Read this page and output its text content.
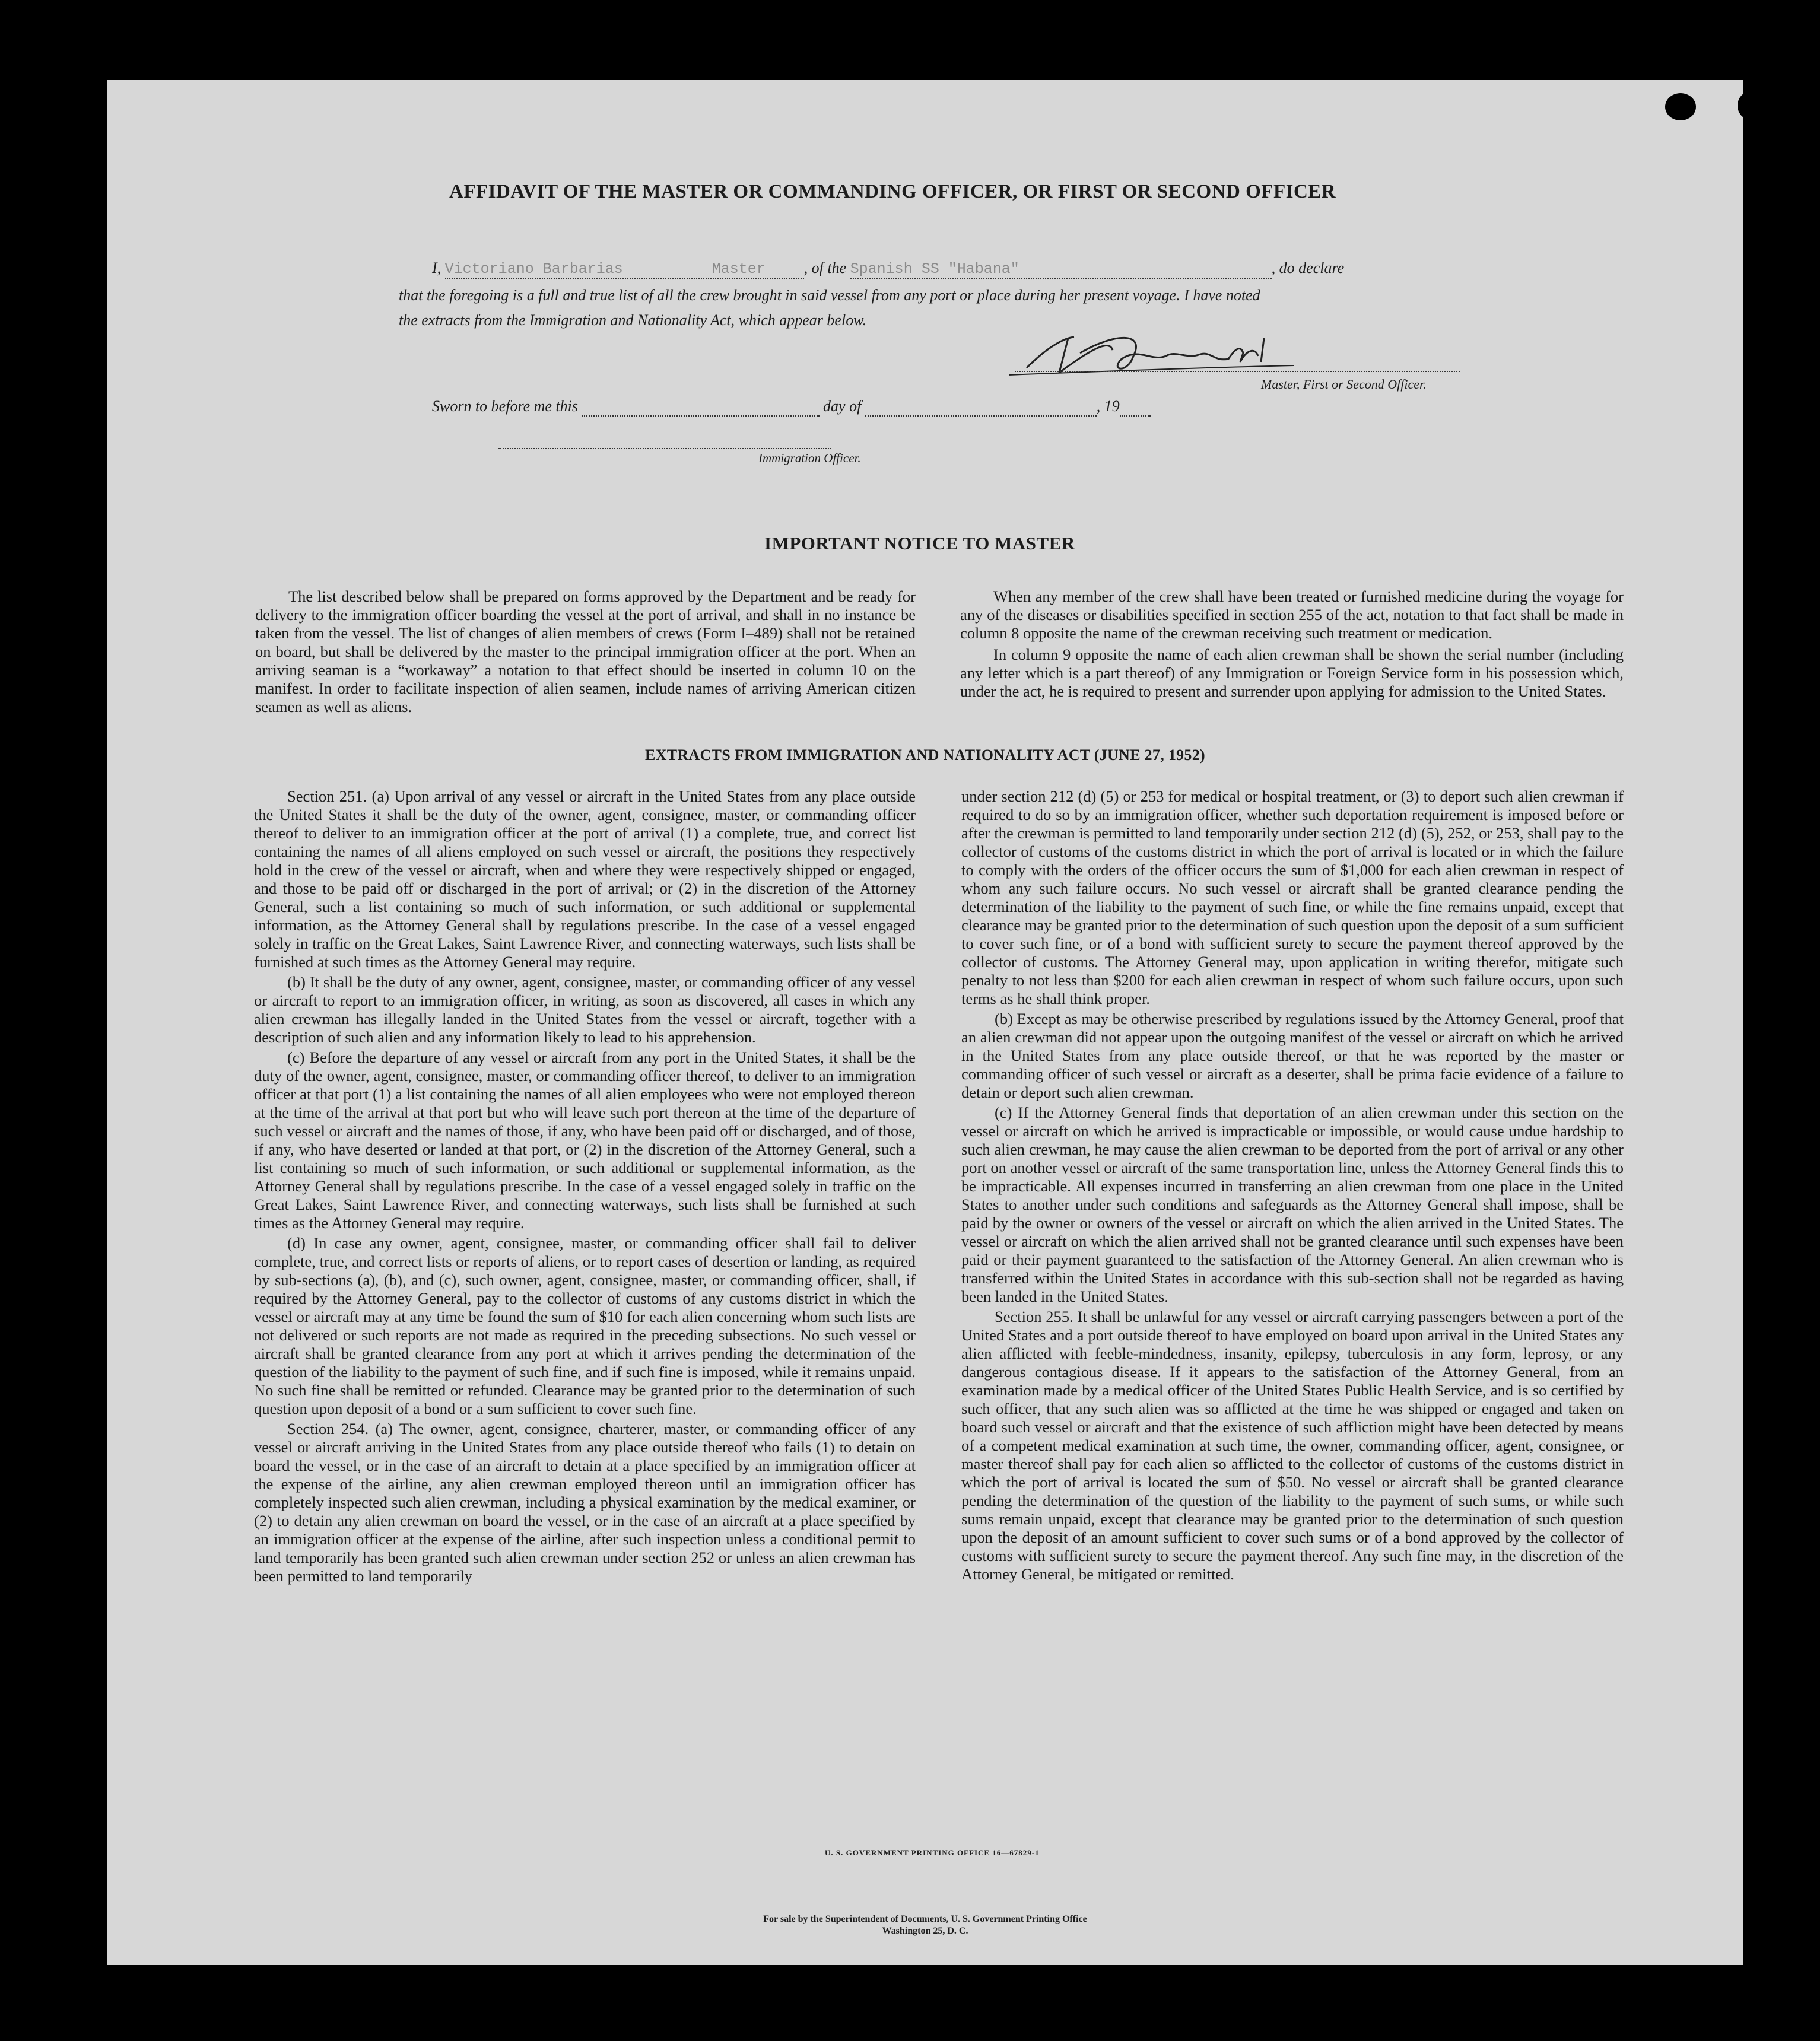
AFFIDAVIT OF THE MASTER OR COMMANDING OFFICER, OR FIRST OR SECOND OFFICER
I, Victoriano Barbarias	Master , of the Spanish SS "Habana"	, do declare
that the foregoing is a full and true list of all the crew brought in said vessel from any port or place during her present voyage. I have noted
the extracts from the Immigration and Nationality Act, which appear below.
Master, First or Second Officer.
Sworn to before me this	day of	, 19
Immigration Officer.
IMPORTANT NOTICE TO MASTER

The list described below shall be prepared on forms approved by the Department and be ready for delivery to the immigration officer boarding the vessel at the port of arrival, and shall in no instance be taken from the vessel. The list of changes of alien members of crews (Form I–489) shall not be retained on board, but shall be delivered by the master to the principal immigration officer at the port. When an arriving seaman is a “workaway” a notation to that effect should be inserted in column 10 on the manifest. In order to facilitate inspection of alien seamen, include names of arriving American citizen seamen as well as aliens.

When any member of the crew shall have been treated or furnished medicine during the voyage for any of the diseases or disabilities specified in section 255 of the act, notation to that fact shall be made in column 8 opposite the name of the crewman receiving such treatment or medication.

In column 9 opposite the name of each alien crewman shall be shown the serial number (including any letter which is a part thereof) of any Immigration or Foreign Service form in his possession which, under the act, he is required to present and surrender upon applying for admission to the United States.

EXTRACTS FROM IMMIGRATION AND NATIONALITY ACT (JUNE 27, 1952)

Section 251. (a) Upon arrival of any vessel or aircraft in the United States from any place outside the United States it shall be the duty of the owner, agent, consignee, master, or commanding officer thereof to deliver to an immigration officer at the port of arrival (1) a complete, true, and correct list containing the names of all aliens employed on such vessel or aircraft, the positions they respectively hold in the crew of the vessel or aircraft, when and where they were respectively shipped or engaged, and those to be paid off or discharged in the port of arrival; or (2) in the discretion of the Attorney General, such a list containing so much of such information, or such additional or supplemental information, as the Attorney General shall by regulations prescribe. In the case of a vessel engaged solely in traffic on the Great Lakes, Saint Lawrence River, and connecting waterways, such lists shall be furnished at such times as the Attorney General may require.

(b) It shall be the duty of any owner, agent, consignee, master, or commanding officer of any vessel or aircraft to report to an immigration officer, in writing, as soon as discovered, all cases in which any alien crewman has illegally landed in the United States from the vessel or aircraft, together with a description of such alien and any information likely to lead to his apprehension.

(c) Before the departure of any vessel or aircraft from any port in the United States, it shall be the duty of the owner, agent, consignee, master, or commanding officer thereof, to deliver to an immigration officer at that port (1) a list containing the names of all alien employees who were not employed thereon at the time of the arrival at that port but who will leave such port thereon at the time of the departure of such vessel or aircraft and the names of those, if any, who have been paid off or discharged, and of those, if any, who have deserted or landed at that port, or (2) in the discretion of the Attorney General, such a list containing so much of such information, or such additional or supplemental information, as the Attorney General shall by regulations prescribe. In the case of a vessel engaged solely in traffic on the Great Lakes, Saint Lawrence River, and connecting waterways, such lists shall be furnished at such times as the Attorney General may require.

(d) In case any owner, agent, consignee, master, or commanding officer shall fail to deliver complete, true, and correct lists or reports of aliens, or to report cases of desertion or landing, as required by sub-sections (a), (b), and (c), such owner, agent, consignee, master, or commanding officer, shall, if required by the Attorney General, pay to the collector of customs of any customs district in which the vessel or aircraft may at any time be found the sum of $10 for each alien concerning whom such lists are not delivered or such reports are not made as required in the preceding subsections. No such vessel or aircraft shall be granted clearance from any port at which it arrives pending the determination of the question of the liability to the payment of such fine, and if such fine is imposed, while it remains unpaid. No such fine shall be remitted or refunded. Clearance may be granted prior to the determination of such question upon deposit of a bond or a sum sufficient to cover such fine.

Section 254. (a) The owner, agent, consignee, charterer, master, or commanding officer of any vessel or aircraft arriving in the United States from any place outside thereof who fails (1) to detain on board the vessel, or in the case of an aircraft to detain at a place specified by an immigration officer at the expense of the airline, any alien crewman employed thereon until an immigration officer has completely inspected such alien crewman, including a physical examination by the medical examiner, or (2) to detain any alien crewman on board the vessel, or in the case of an aircraft at a place specified by an immigration officer at the expense of the airline, after such inspection unless a conditional permit to land temporarily has been granted such alien crewman under section 252 or unless an alien crewman has been permitted to land temporarily

under section 212 (d) (5) or 253 for medical or hospital treatment, or (3) to deport such alien crewman if required to do so by an immigration officer, whether such deportation requirement is imposed before or after the crewman is permitted to land temporarily under section 212 (d) (5), 252, or 253, shall pay to the collector of customs of the customs district in which the port of arrival is located or in which the failure to comply with the orders of the officer occurs the sum of $1,000 for each alien crewman in respect of whom any such failure occurs. No such vessel or aircraft shall be granted clearance pending the determination of the liability to the payment of such fine, or while the fine remains unpaid, except that clearance may be granted prior to the determination of such question upon the deposit of a sum sufficient to cover such fine, or of a bond with sufficient surety to secure the payment thereof approved by the collector of customs. The Attorney General may, upon application in writing therefor, mitigate such penalty to not less than $200 for each alien crewman in respect of whom such failure occurs, upon such terms as he shall think proper.

(b) Except as may be otherwise prescribed by regulations issued by the Attorney General, proof that an alien crewman did not appear upon the outgoing manifest of the vessel or aircraft on which he arrived in the United States from any place outside thereof, or that he was reported by the master or commanding officer of such vessel or aircraft as a deserter, shall be prima facie evidence of a failure to detain or deport such alien crewman.

(c) If the Attorney General finds that deportation of an alien crewman under this section on the vessel or aircraft on which he arrived is impracticable or impossible, or would cause undue hardship to such alien crewman, he may cause the alien crewman to be deported from the port of arrival or any other port on another vessel or aircraft of the same transportation line, unless the Attorney General finds this to be impracticable. All expenses incurred in transferring an alien crewman from one place in the United States to another under such conditions and safeguards as the Attorney General shall impose, shall be paid by the owner or owners of the vessel or aircraft on which the alien arrived in the United States. The vessel or aircraft on which the alien arrived shall not be granted clearance until such expenses have been paid or their payment guaranteed to the satisfaction of the Attorney General. An alien crewman who is transferred within the United States in accordance with this sub-section shall not be regarded as having been landed in the United States.

Section 255. It shall be unlawful for any vessel or aircraft carrying passengers between a port of the United States and a port outside thereof to have employed on board upon arrival in the United States any alien afflicted with feeble-mindedness, insanity, epilepsy, tuberculosis in any form, leprosy, or any dangerous contagious disease. If it appears to the satisfaction of the Attorney General, from an examination made by a medical officer of the United States Public Health Service, and is so certified by such officer, that any such alien was so afflicted at the time he was shipped or engaged and taken on board such vessel or aircraft and that the existence of such affliction might have been detected by means of a competent medical examination at such time, the owner, commanding officer, agent, consignee, or master thereof shall pay for each alien so afflicted to the collector of customs of the customs district in which the port of arrival is located the sum of $50. No vessel or aircraft shall be granted clearance pending the determination of the question of the liability to the payment of such sums, or while such sums remain unpaid, except that clearance may be granted prior to the determination of such question upon the deposit of an amount sufficient to cover such sums or of a bond approved by the collector of customs with sufficient surety to secure the payment thereof. Any such fine may, in the discretion of the Attorney General, be mitigated or remitted.

U. S. GOVERNMENT PRINTING OFFICE 16—67829-1
For sale by the Superintendent of Documents, U. S. Government Printing Office
Washington 25, D. C.
